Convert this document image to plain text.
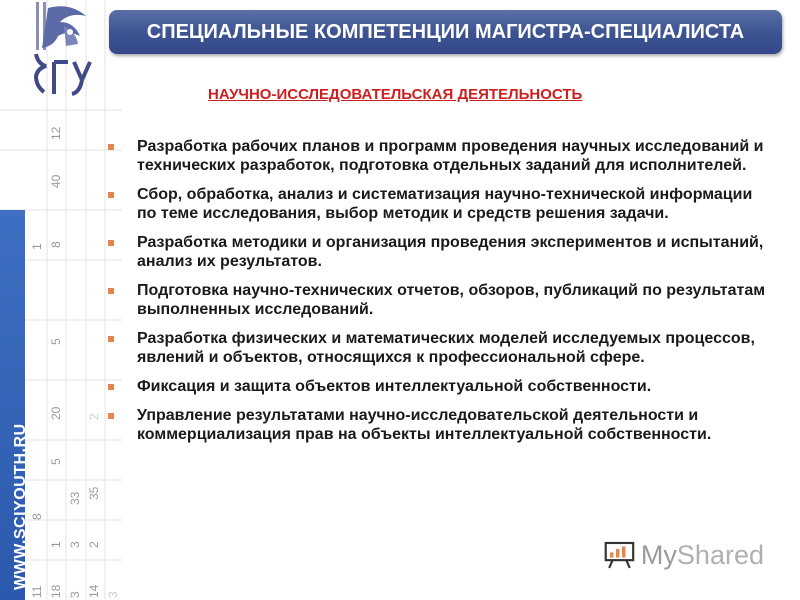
WWW.SCIYOUTH.RU
11
8
18
1
1
3
3
33
5
20
5
8
40
12
14
2
35
2
3
СПЕЦИАЛЬНЫЕ КОМПЕТЕНЦИИ МАГИСТРА-СПЕЦИАЛИСТА
НАУЧНО-ИССЛЕДОВАТЕЛЬСКАЯ ДЕЯТЕЛЬНОСТЬ
Разработка рабочих планов и программ проведения научных исследований и технических разработок, подготовка отдельных заданий для исполнителей.
Сбор, обработка, анализ и систематизация научно-технической информации по теме исследования, выбор методик и средств решения задачи.
Разработка методики и организация проведения экспериментов и испытаний, анализ их результатов.
Подготовка научно-технических отчетов, обзоров, публикаций по результатам выполненных исследований.
Разработка физических и математических моделей исследуемых процессов, явлений и объектов, относящихся к профессиональной сфере.
Фиксация и защита объектов интеллектуальной собственности.
Управление результатами научно-исследовательской деятельности и коммерциализация прав на объекты интеллектуальной собственности.
MyShared
